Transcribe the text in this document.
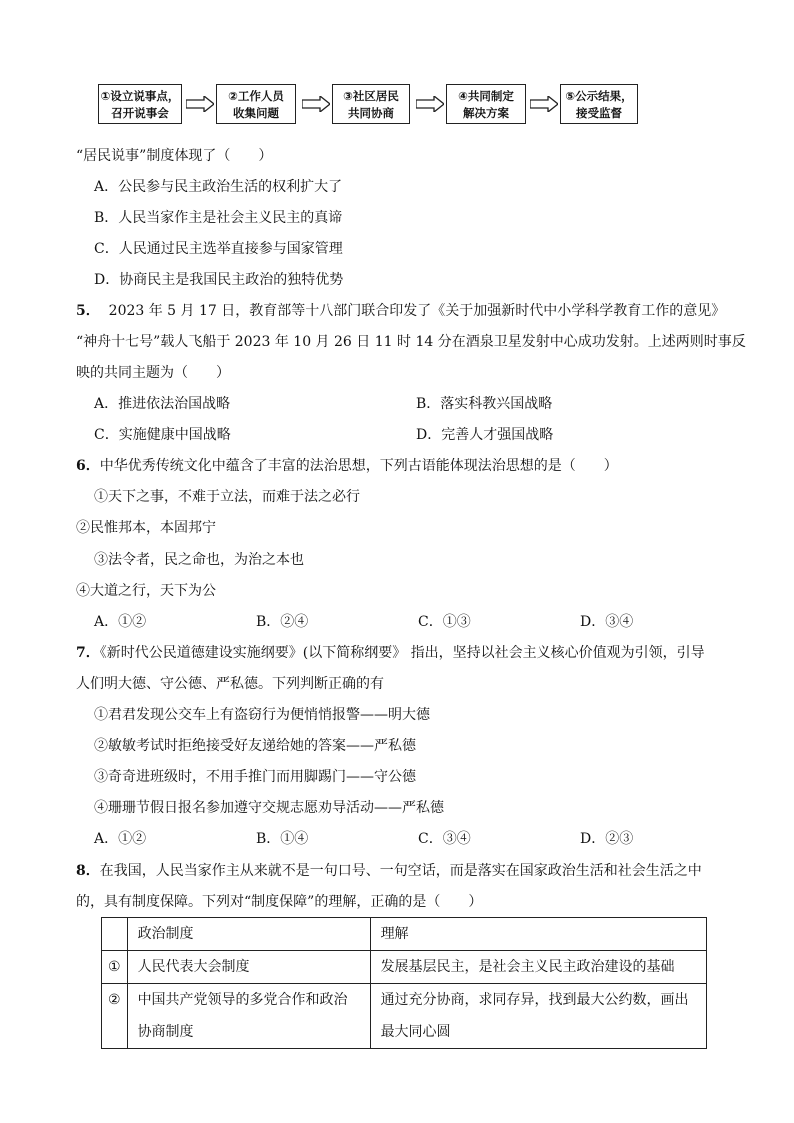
①设立说事点，
召开说事会
②工作人员
收集问题
③社区居民
共同协商
④共同制定
解决方案
⑤公示结果，
接受监督
“居民说事”制度体现了（　　）
A．公民参与民主政治生活的权利扩大了
B．人民当家作主是社会主义民主的真谛
C．人民通过民主选举直接参与国家管理
D．协商民主是我国民主政治的独特优势
5． 2023 年 5 月 17 日，教育部等十八部门联合印发了《关于加强新时代中小学科学教育工作的意见》
“神舟十七号”载人飞船于 2023 年 10 月 26 日 11 时 14 分在酒泉卫星发射中心成功发射。上述两则时事反
映的共同主题为（　　）
A．推进依法治国战略	B．落实科教兴国战略
C．实施健康中国战略	D．完善人才强国战略
6．中华优秀传统文化中蕴含了丰富的法治思想，下列古语能体现法治思想的是（　　）
①天下之事，不难于立法，而难于法之必行
②民惟邦本，本固邦宁
③法令者，民之命也，为治之本也
④大道之行，天下为公
A．①②	B．②④	C．①③	D．③④
7．《新时代公民道德建设实施纲要》(以下简称纲要》 指出，坚持以社会主义核心价值观为引领，引导
人们明大德、守公德、严私德。下列判断正确的有
①君君发现公交车上有盗窃行为便悄悄报警——明大德
②敏敏考试时拒绝接受好友递给她的答案——严私德
③奇奇进班级时，不用手推门而用脚踢门——守公德
④珊珊节假日报名参加遵守交规志愿劝导活动——严私德
A．①②	B．①④	C．③④	D．②③
8．在我国，人民当家作主从来就不是一句口号、一句空话，而是落实在国家政治生活和社会生活之中
的，具有制度保障。下列对“制度保障”的理解，正确的是（　　）
	政治制度	理解
①	人民代表大会制度	发展基层民主，是社会主义民主政治建设的基础
②	中国共产党领导的多党合作和政治协商制度	通过充分协商，求同存异，找到最大公约数，画出最大同心圆
